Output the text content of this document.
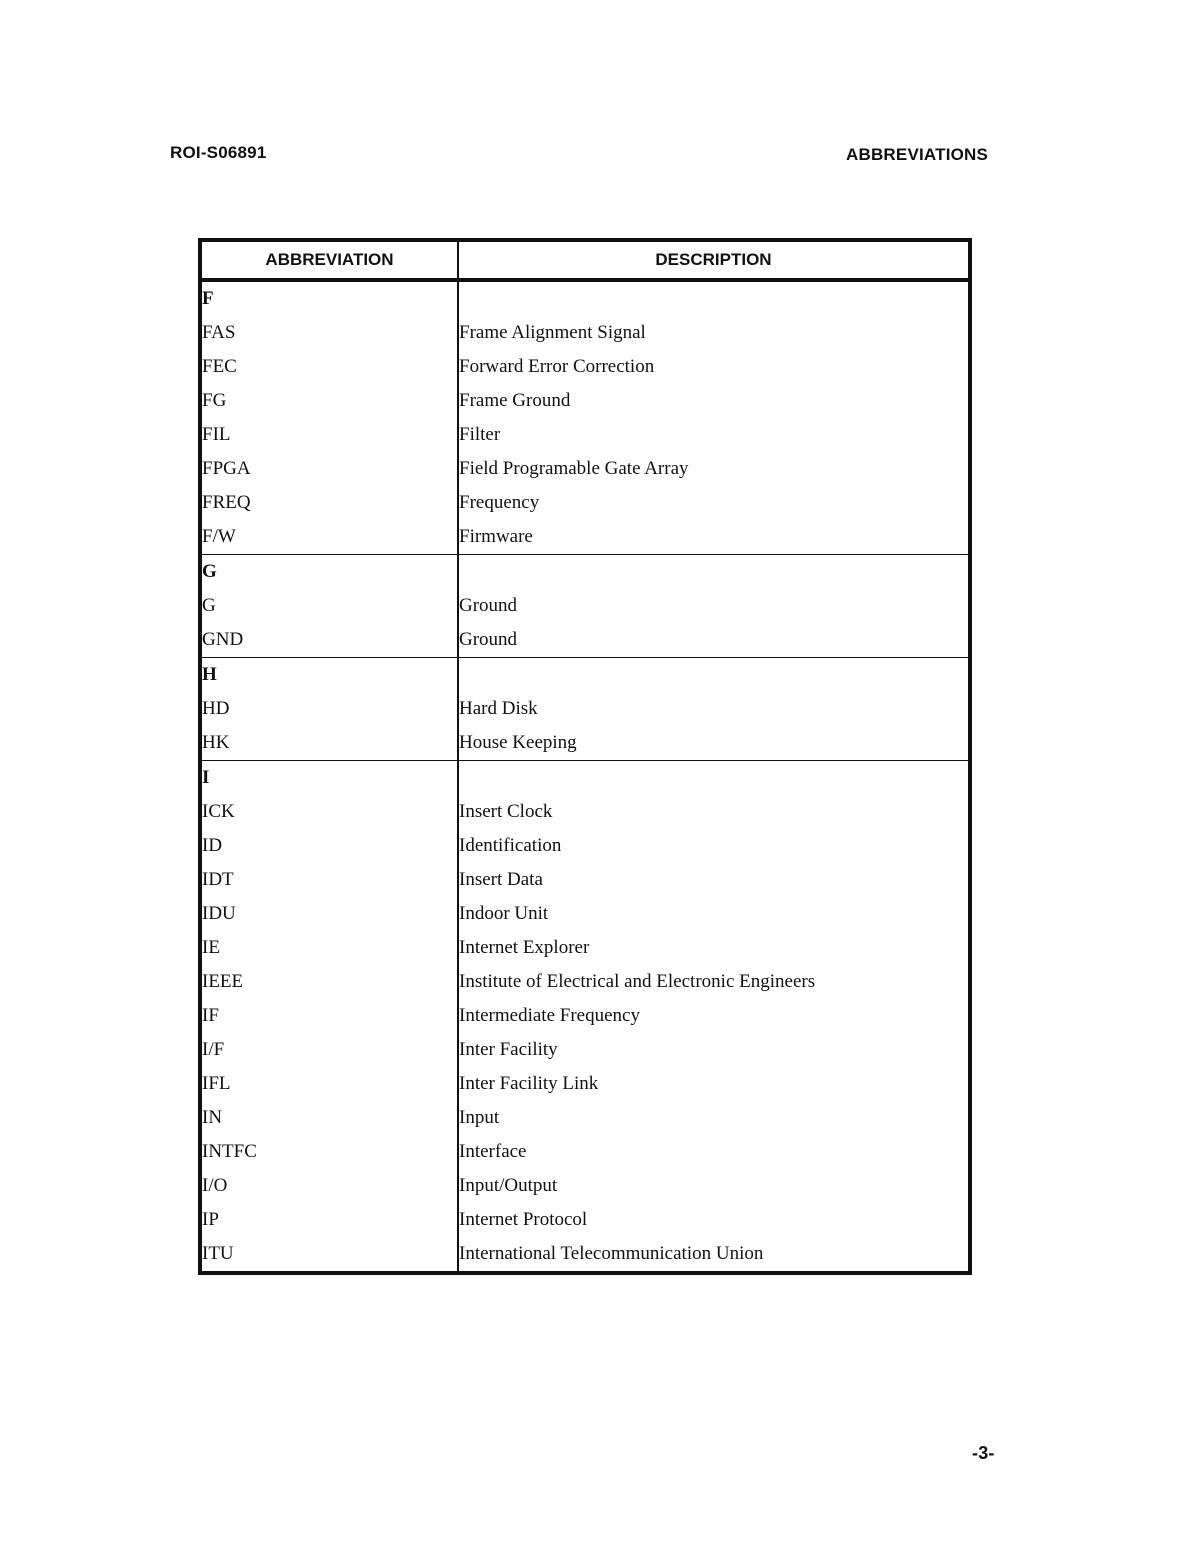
ROI-S06891	ABBREVIATIONS
ABBREVIATION	DESCRIPTION
F	
FAS	Frame Alignment Signal
FEC	Forward Error Correction
FG	Frame Ground
FIL	Filter
FPGA	Field Programable Gate Array
FREQ	Frequency
F/W	Firmware
G	
G	Ground
GND	Ground
H	
HD	Hard Disk
HK	House Keeping
I	
ICK	Insert Clock
ID	Identification
IDT	Insert Data
IDU	Indoor Unit
IE	Internet Explorer
IEEE	Institute of Electrical and Electronic Engineers
IF	Intermediate Frequency
I/F	Inter Facility
IFL	Inter Facility Link
IN	Input
INTFC	Interface
I/O	Input/Output
IP	Internet Protocol
ITU	International Telecommunication Union
-3-
